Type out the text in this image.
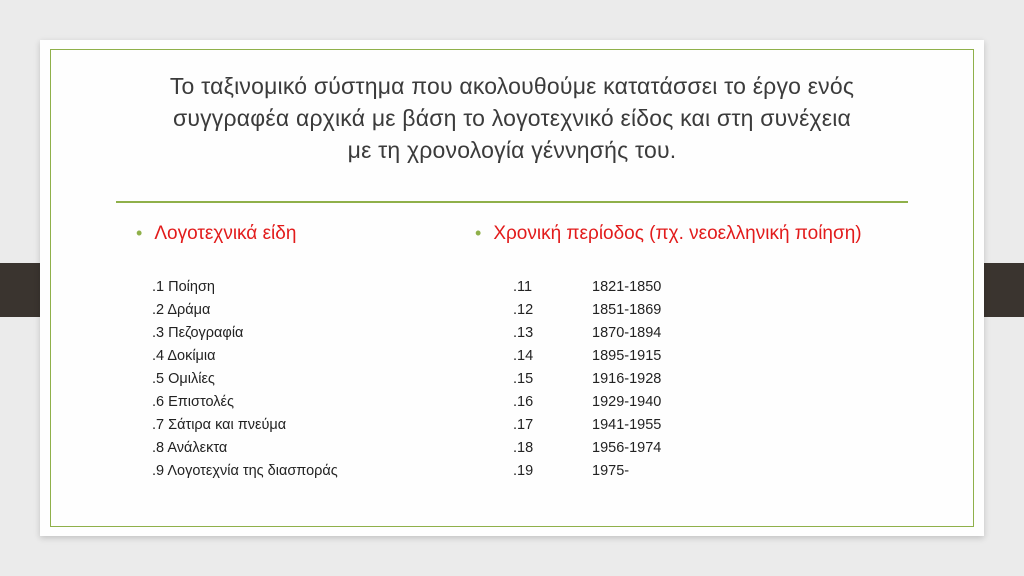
Το ταξινομικό σύστημα που ακολουθούμε κατατάσσει το έργο ενός
συγγραφέα αρχικά με βάση το λογοτεχνικό είδος και στη συνέχεια
με τη χρονολογία γέννησής του.
• Λογοτεχνικά είδη	• Χρονική περίοδος (πχ. νεοελληνική ποίηση)
.1 Ποίηση
.2 Δράμα
.3 Πεζογραφία
.4 Δοκίμια
.5 Ομιλίες
.6 Επιστολές
.7 Σάτιρα και πνεύμα
.8 Ανάλεκτα
.9 Λογοτεχνία της διασποράς
.11	1821-1850
.12	1851-1869
.13	1870-1894
.14	1895-1915
.15	1916-1928
.16	1929-1940
.17	1941-1955
.18	1956-1974
.19	1975-
